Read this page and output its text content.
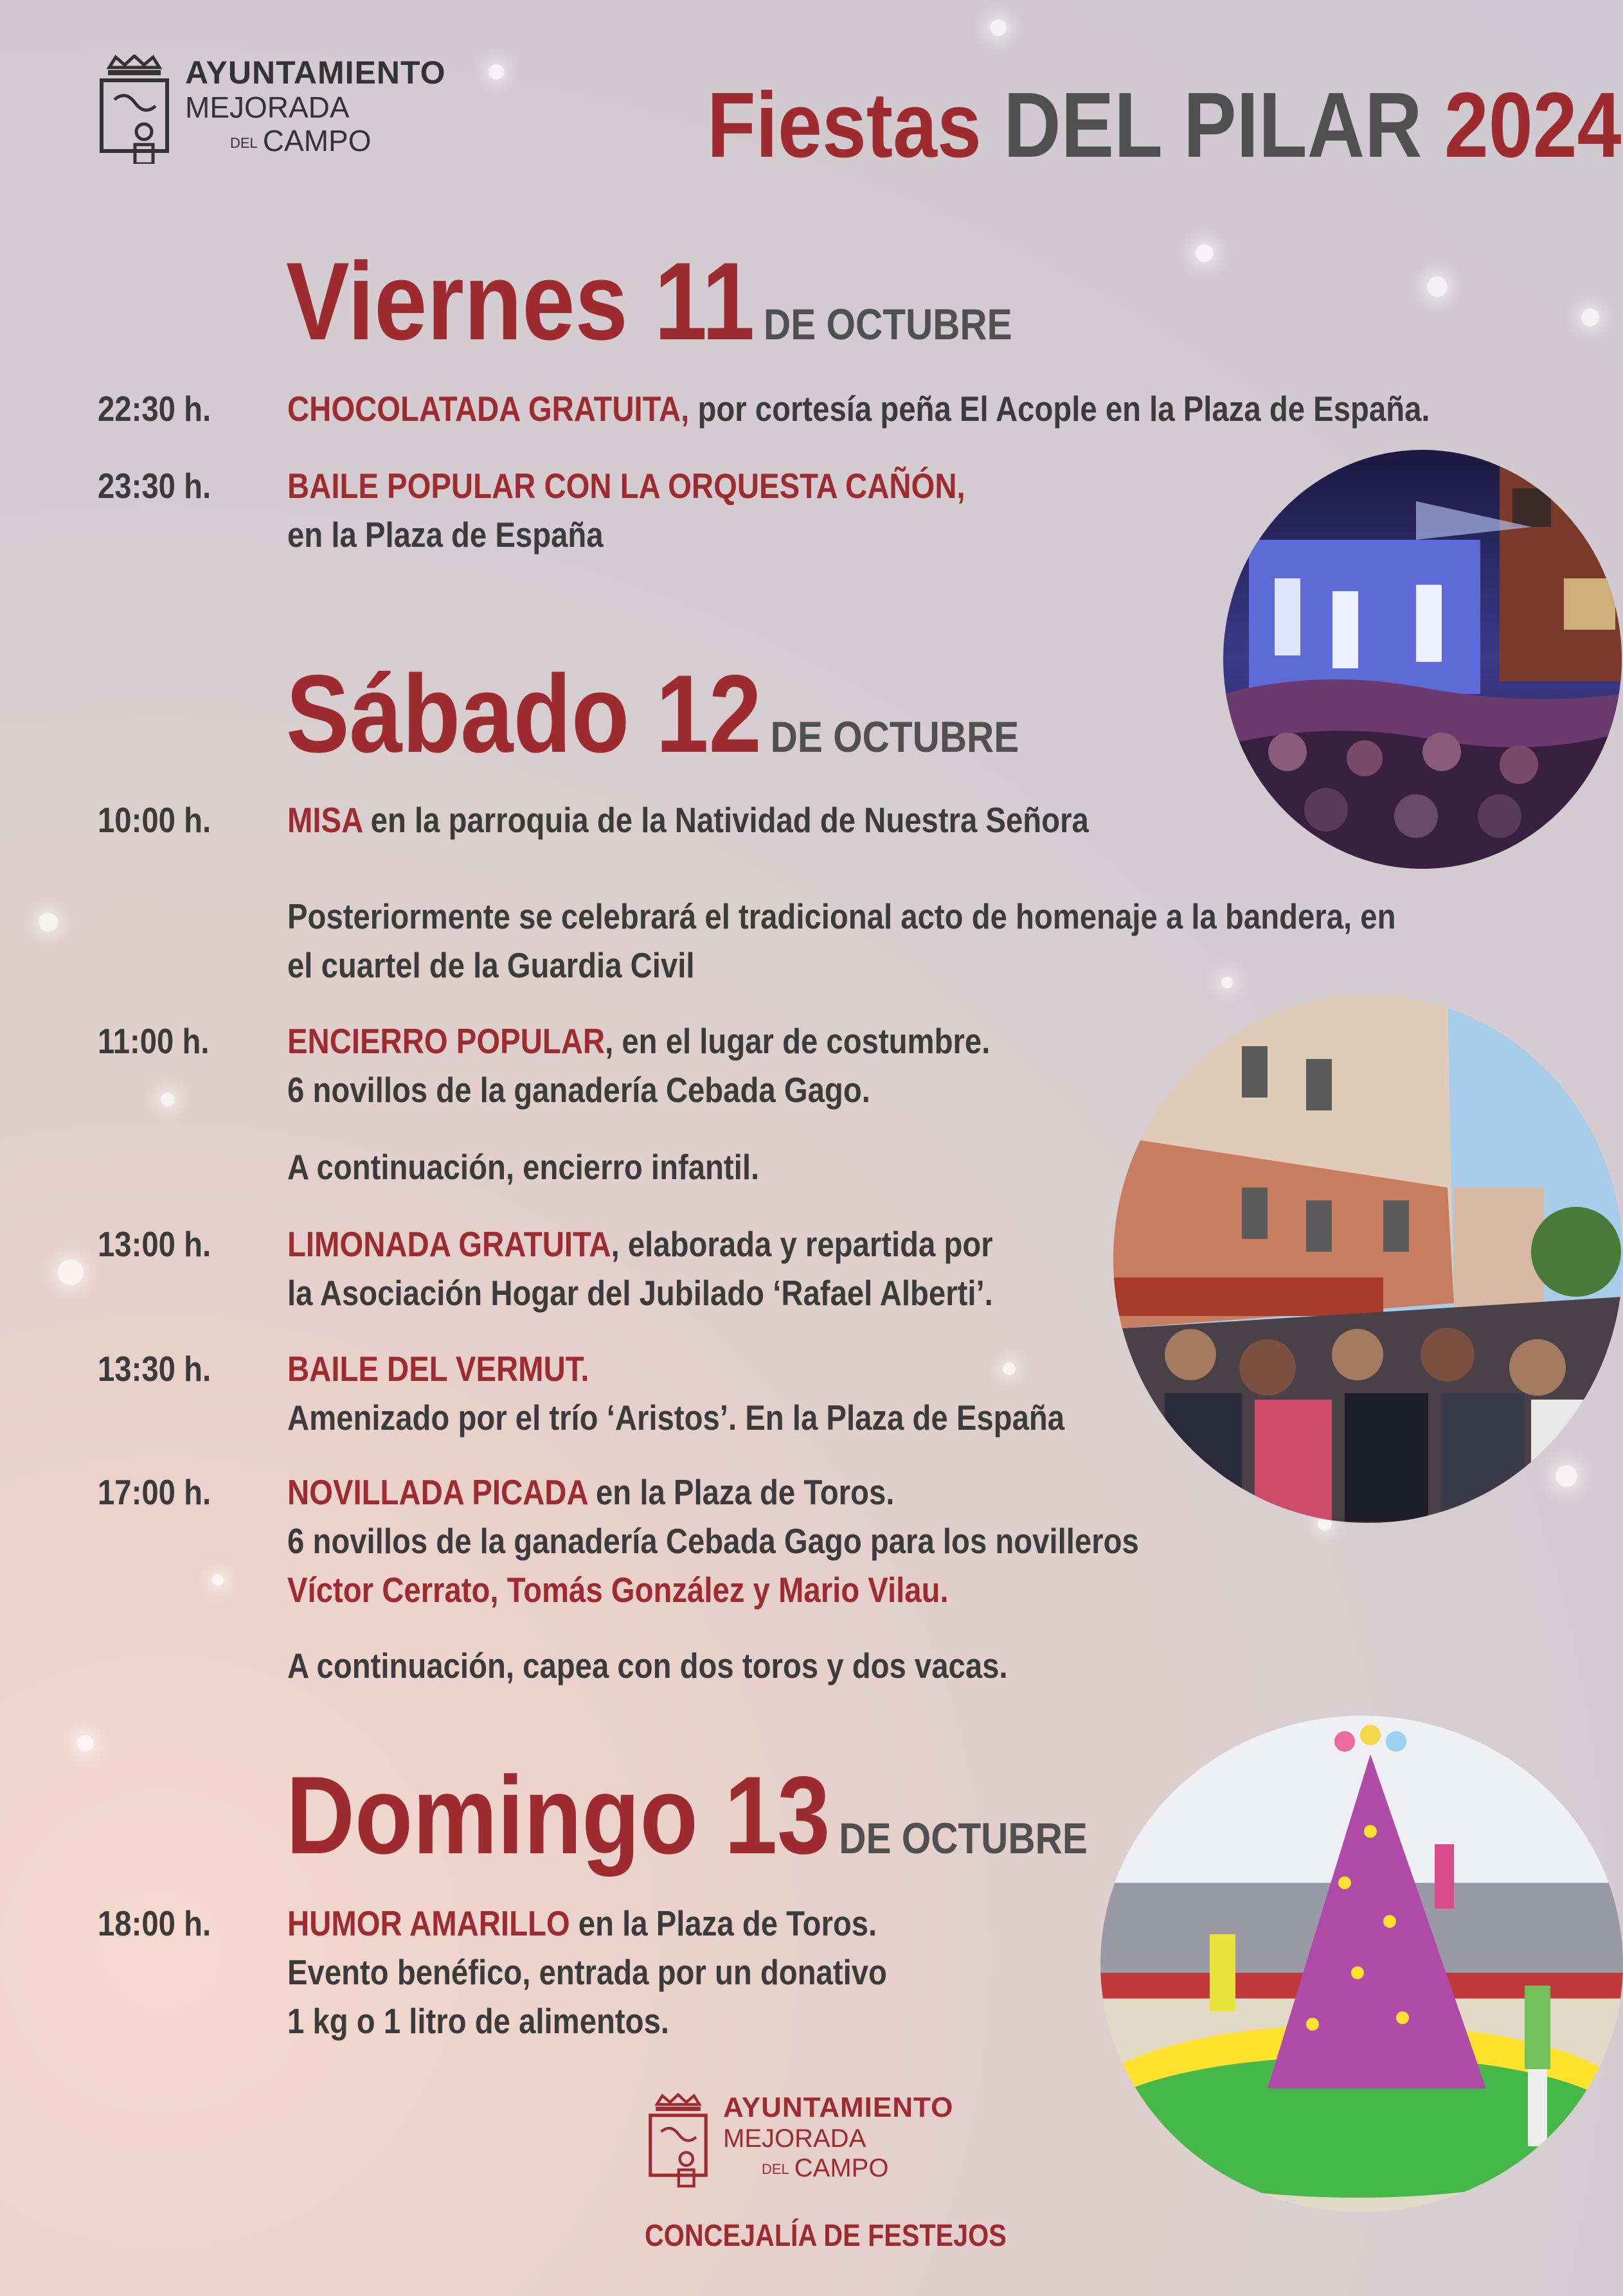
AYUNTAMIENTO
MEJORADA
DEL CAMPO	Fiestas DEL PILAR 2024
Viernes 11 DE OCTUBRE
22:30 h. CHOCOLATADA GRATUITA, por cortesía peña El Acople en la Plaza de España.
23:30 h. BAILE POPULAR CON LA ORQUESTA CAÑÓN,
en la Plaza de España
Sábado 12 DE OCTUBRE
10:00 h. MISA en la parroquia de la Natividad de Nuestra Señora
Posteriormente se celebrará el tradicional acto de homenaje a la bandera, en
el cuartel de la Guardia Civil
11:00 h. ENCIERRO POPULAR, en el lugar de costumbre.
6 novillos de la ganadería Cebada Gago.
A continuación, encierro infantil.
13:00 h. LIMONADA GRATUITA, elaborada y repartida por
la Asociación Hogar del Jubilado ‘Rafael Alberti’.
13:30 h. BAILE DEL VERMUT.
Amenizado por el trío ‘Aristos’. En la Plaza de España
17:00 h. NOVILLADA PICADA en la Plaza de Toros.
6 novillos de la ganadería Cebada Gago para los novilleros
Víctor Cerrato, Tomás González y Mario Vilau.
A continuación, capea con dos toros y dos vacas.
Domingo 13 DE OCTUBRE
18:00 h. HUMOR AMARILLO en la Plaza de Toros.
Evento benéfico, entrada por un donativo
1 kg o 1 litro de alimentos.
AYUNTAMIENTO
MEJORADA
DEL CAMPO
CONCEJALÍA DE FESTEJOS
